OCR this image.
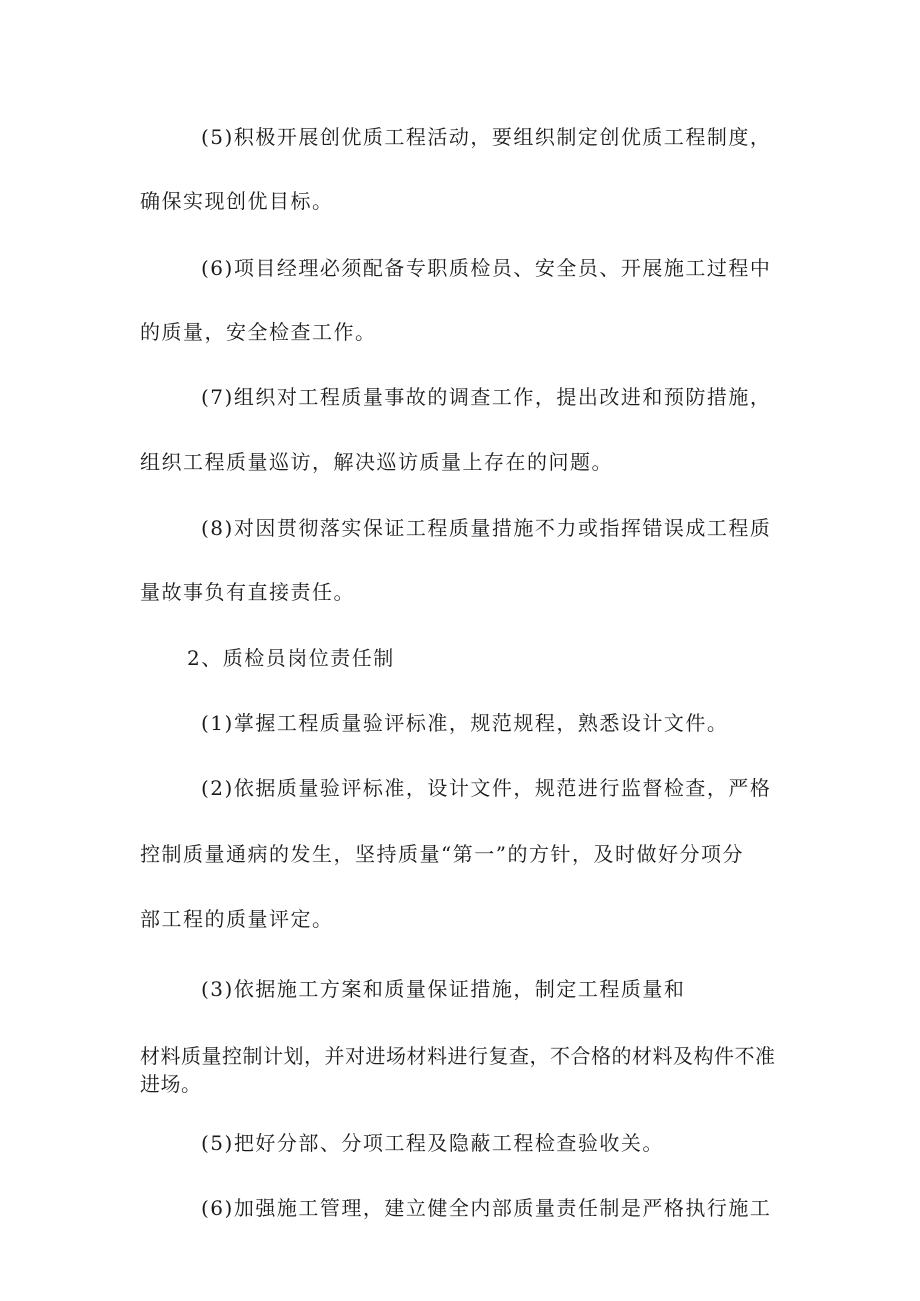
(5)积极开展创优质工程活动，要组织制定创优质工程制度，
确保实现创优目标。
(6)项目经理必须配备专职质检员、安全员、开展施工过程中
的质量，安全检查工作。
(7)组织对工程质量事故的调查工作，提出改进和预防措施，
组织工程质量巡访，解决巡访质量上存在的问题。
(8)对因贯彻落实保证工程质量措施不力或指挥错误成工程质
量故事负有直接责任。
2、质检员岗位责任制
(1)掌握工程质量验评标准，规范规程，熟悉设计文件。
(2)依据质量验评标准，设计文件，规范进行监督检查，严格
控制质量通病的发生，坚持质量“第一”的方针，及时做好分项分
部工程的质量评定。
(3)依据施工方案和质量保证措施，制定工程质量和
材料质量控制计划，并对进场材料进行复查，不合格的材料及构件不准进场。
(5)把好分部、分项工程及隐蔽工程检查验收关。
(6)加强施工管理，建立健全内部质量责任制是严格执行施工
